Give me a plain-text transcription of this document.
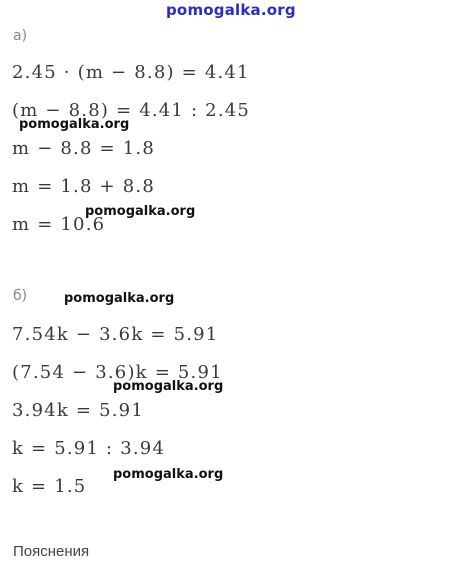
pomogalka.org
а)
2.45 · (m − 8.8) = 4.41
(m − 8.8) = 4.41 : 2.45
pomogalka.org
m − 8.8 = 1.8
m = 1.8 + 8.8
m = 10.6
pomogalka.org
б)	pomogalka.org
7.54k − 3.6k = 5.91
(7.54 − 3.6)k = 5.91
pomogalka.org
3.94k = 5.91
k = 5.91 : 3.94
pomogalka.org
k = 1.5
Пояснения
